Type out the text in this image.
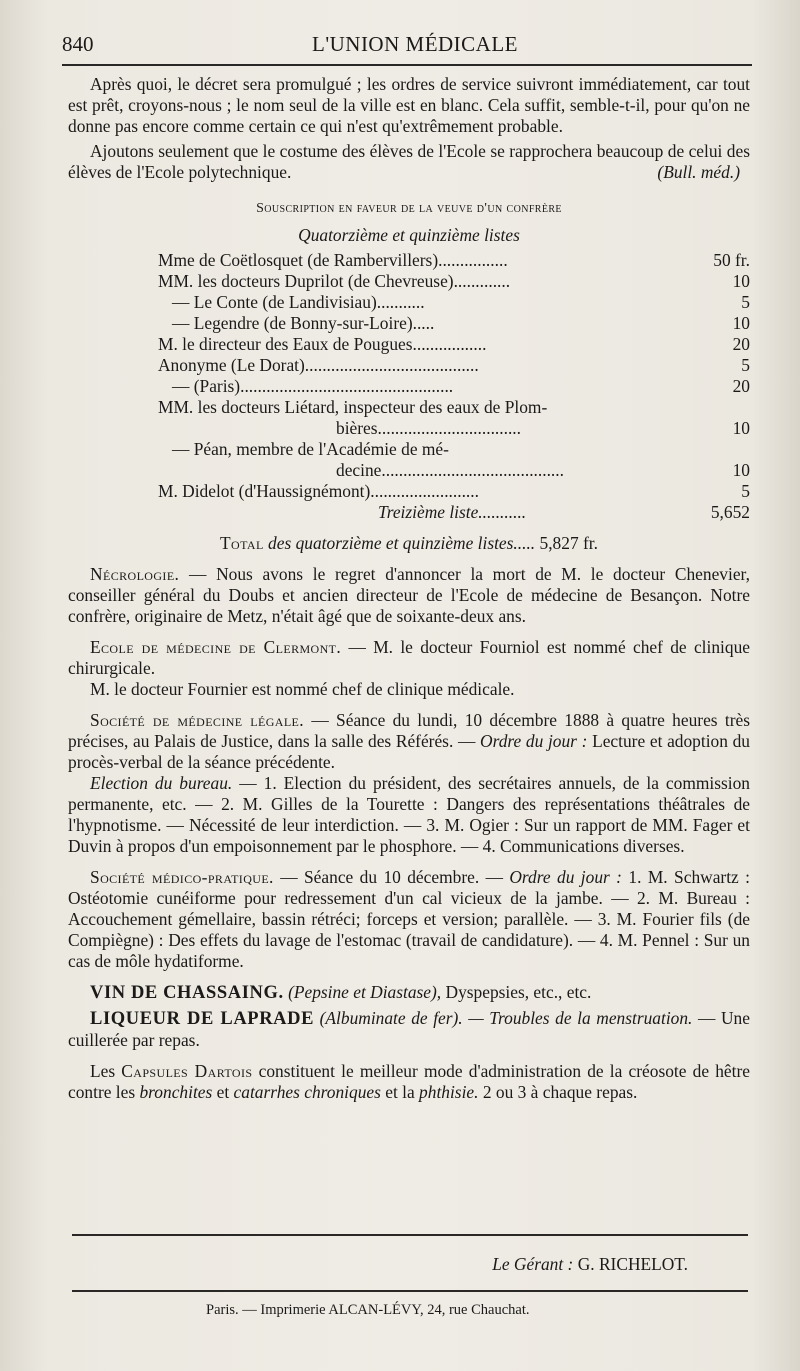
840	L'UNION MÉDICALE

Après quoi, le décret sera promulgué ; les ordres de service suivront immédiatement, car tout est prêt, croyons-nous ; le nom seul de la ville est en blanc. Cela suffit, semble-t-il, pour qu'on ne donne pas encore comme certain ce qui n'est qu'extrêmement probable.

Ajoutons seulement que le costume des élèves de l'Ecole se rapprochera beaucoup de celui des élèves de l'Ecole polytechnique.	(Bull. méd.)

Souscription en faveur de la veuve d'un confrère
Quatorzième et quinzième listes
Mme de Coëtlosquet (de Rambervillers)................	50 fr.
MM. les docteurs Duprilot (de Chevreuse).............	10
— Le Conte (de Landivisiau)...........	5
— Legendre (de Bonny-sur-Loire).....	10
M. le directeur des Eaux de Pougues.................	20
Anonyme (Le Dorat)........................................	5
— (Paris).................................................	20
MM. les docteurs Liétard, inspecteur des eaux de Plom-	
bières.................................	10
— Péan, membre de l'Académie de mé-	
decine..........................................	10
M. Didelot (d'Haussignémont).........................	5
Treizième liste...........	5,652
Total des quatorzième et quinzième listes..... 5,827 fr.

Nécrologie. — Nous avons le regret d'annoncer la mort de M. le docteur Chenevier, conseiller général du Doubs et ancien directeur de l'Ecole de médecine de Besançon. Notre confrère, originaire de Metz, n'était âgé que de soixante-deux ans.

Ecole de médecine de Clermont. — M. le docteur Fourniol est nommé chef de clinique chirurgicale.

M. le docteur Fournier est nommé chef de clinique médicale.

Société de médecine légale. — Séance du lundi, 10 décembre 1888 à quatre heures très précises, au Palais de Justice, dans la salle des Référés. — Ordre du jour : Lecture et adoption du procès-verbal de la séance précédente.

Election du bureau. — 1. Election du président, des secrétaires annuels, de la commission permanente, etc. — 2. M. Gilles de la Tourette : Dangers des représentations théâtrales de l'hypnotisme. — Nécessité de leur interdiction. — 3. M. Ogier : Sur un rapport de MM. Fager et Duvin à propos d'un empoisonnement par le phosphore. — 4. Communications diverses.

Société médico-pratique. — Séance du 10 décembre. — Ordre du jour : 1. M. Schwartz : Ostéotomie cunéiforme pour redressement d'un cal vicieux de la jambe. — 2. M. Bureau : Accouchement gémellaire, bassin rétréci; forceps et version; parallèle. — 3. M. Fourier fils (de Compiègne) : Des effets du lavage de l'estomac (travail de candidature). — 4. M. Pennel : Sur un cas de môle hydatiforme.

VIN DE CHASSAING. (Pepsine et Diastase), Dyspepsies, etc., etc.

LIQUEUR DE LAPRADE (Albuminate de fer). — Troubles de la menstruation. — Une cuillerée par repas.

Les Capsules Dartois constituent le meilleur mode d'administration de la créosote de hêtre contre les bronchites et catarrhes chroniques et la phthisie. 2 ou 3 à chaque repas.

Le Gérant : G. RICHELOT.
Paris. — Imprimerie ALCAN-LÉVY, 24, rue Chauchat.
